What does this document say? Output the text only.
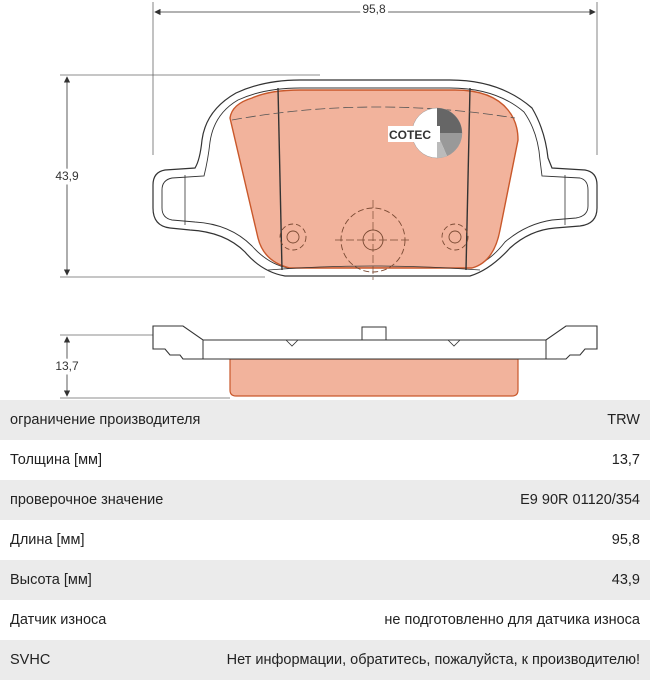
95,8
43,9
13,7
COTEC
ограничение производителя	TRW
Толщина [мм]	13,7
проверочное значение	E9 90R 01120/354
Длина [мм]	95,8
Высота [мм]	43,9
Датчик износа	не подготовленно для датчика износа
SVHC	Нет информации, обратитесь, пожалуйста, к производителю!
